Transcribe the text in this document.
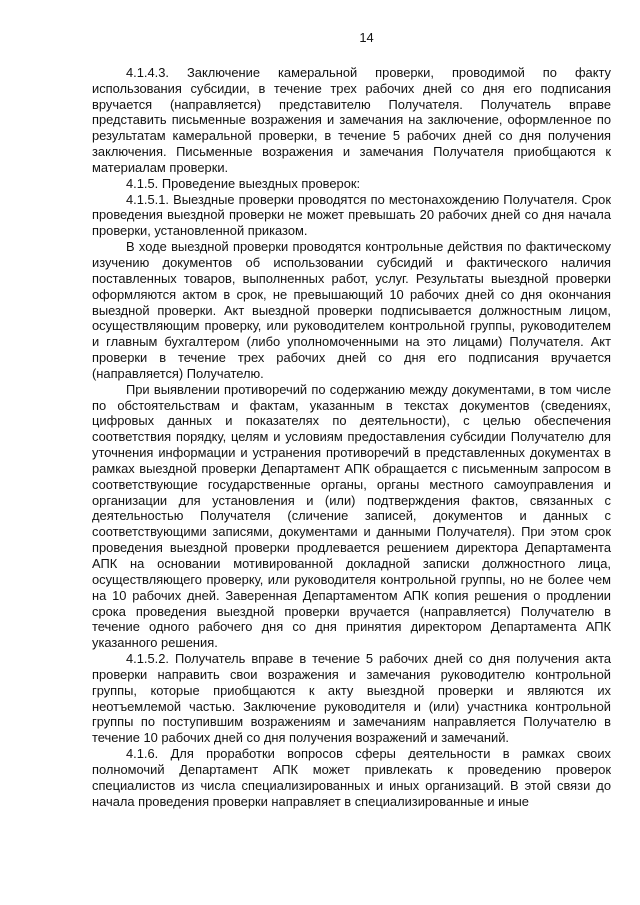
14

4.1.4.3. Заключение камеральной проверки, проводимой по факту использования субсидии, в течение трех рабочих дней со дня его подписания вручается (направляется) представителю Получателя. Получатель вправе представить письменные возражения и замечания на заключение, оформленное по результатам камеральной проверки, в течение 5 рабочих дней со дня получения заключения. Письменные возражения и замечания Получателя приобщаются к материалам проверки.

4.1.5. Проведение выездных проверок:

4.1.5.1. Выездные проверки проводятся по местонахождению Получателя. Срок проведения выездной проверки не может превышать 20 рабочих дней со дня начала проверки, установленной приказом.

В ходе выездной проверки проводятся контрольные действия по фактическому изучению документов об использовании субсидий и фактического наличия поставленных товаров, выполненных работ, услуг. Результаты выездной проверки оформляются актом в срок, не превышающий 10 рабочих дней со дня окончания выездной проверки. Акт выездной проверки подписывается должностным лицом, осуществляющим проверку, или руководителем контрольной группы, руководителем и главным бухгалтером (либо уполномоченными на это лицами) Получателя. Акт проверки в течение трех рабочих дней со дня его подписания вручается (направляется) Получателю.

При выявлении противоречий по содержанию между документами, в том числе по обстоятельствам и фактам, указанным в текстах документов (сведениях, цифровых данных и показателях по деятельности), с целью обеспечения соответствия порядку, целям и условиям предоставления субсидии Получателю для уточнения информации и устранения противоречий в представленных документах в рамках выездной проверки Департамент АПК обращается с письменным запросом в соответствующие государственные органы, органы местного самоуправления и организации для установления и (или) подтверждения фактов, связанных с деятельностью Получателя (сличение записей, документов и данных с соответствующими записями, документами и данными Получателя). При этом срок проведения выездной проверки продлевается решением директора Департамента АПК на основании мотивированной докладной записки должностного лица, осуществляющего проверку, или руководителя контрольной группы, но не более чем на 10 рабочих дней. Заверенная Департаментом АПК копия решения о продлении срока проведения выездной проверки вручается (направляется) Получателю в течение одного рабочего дня со дня принятия директором Департамента АПК указанного решения.

4.1.5.2. Получатель вправе в течение 5 рабочих дней со дня получения акта проверки направить свои возражения и замечания руководителю контрольной группы, которые приобщаются к акту выездной проверки и являются их неотъемлемой частью. Заключение руководителя и (или) участника контрольной группы по поступившим возражениям и замечаниям направляется Получателю в течение 10 рабочих дней со дня получения возражений и замечаний.

4.1.6. Для проработки вопросов сферы деятельности в рамках своих полномочий Департамент АПК может привлекать к проведению проверок специалистов из числа специализированных и иных организаций. В этой связи до начала проведения проверки направляет в специализированные и иные
